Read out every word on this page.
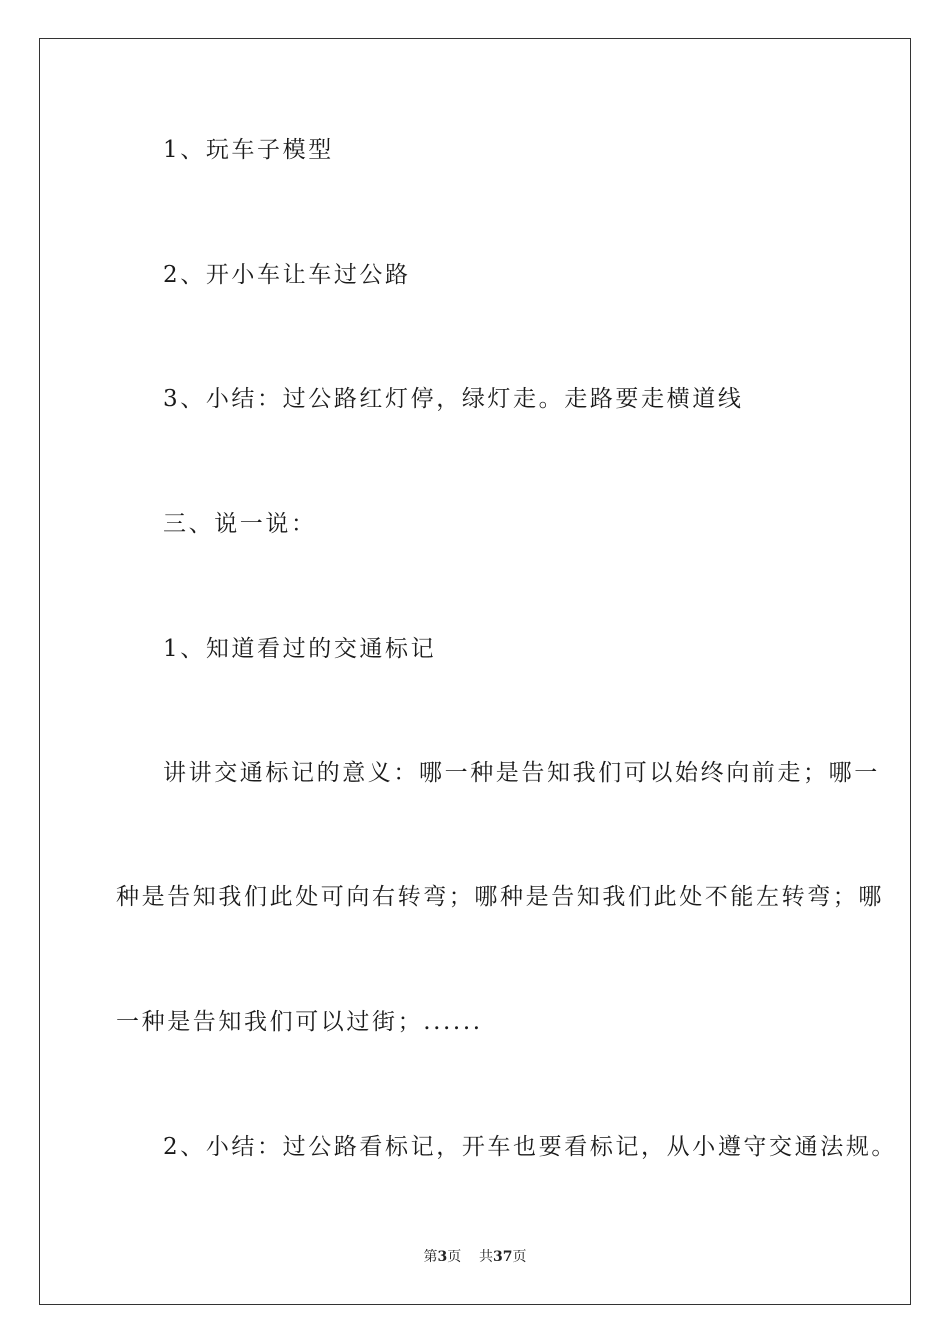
1、玩车子模型

2、开小车让车过公路

3、小结：过公路红灯停，绿灯走。走路要走横道线

三、说一说：

1、知道看过的交通标记

讲讲交通标记的意义：哪一种是告知我们可以始终向前走；哪一

种是告知我们此处可向右转弯；哪种是告知我们此处不能左转弯；哪

一种是告知我们可以过街；......

2、小结：过公路看标记，开车也要看标记，从小遵守交通法规。

第3页    共37页
